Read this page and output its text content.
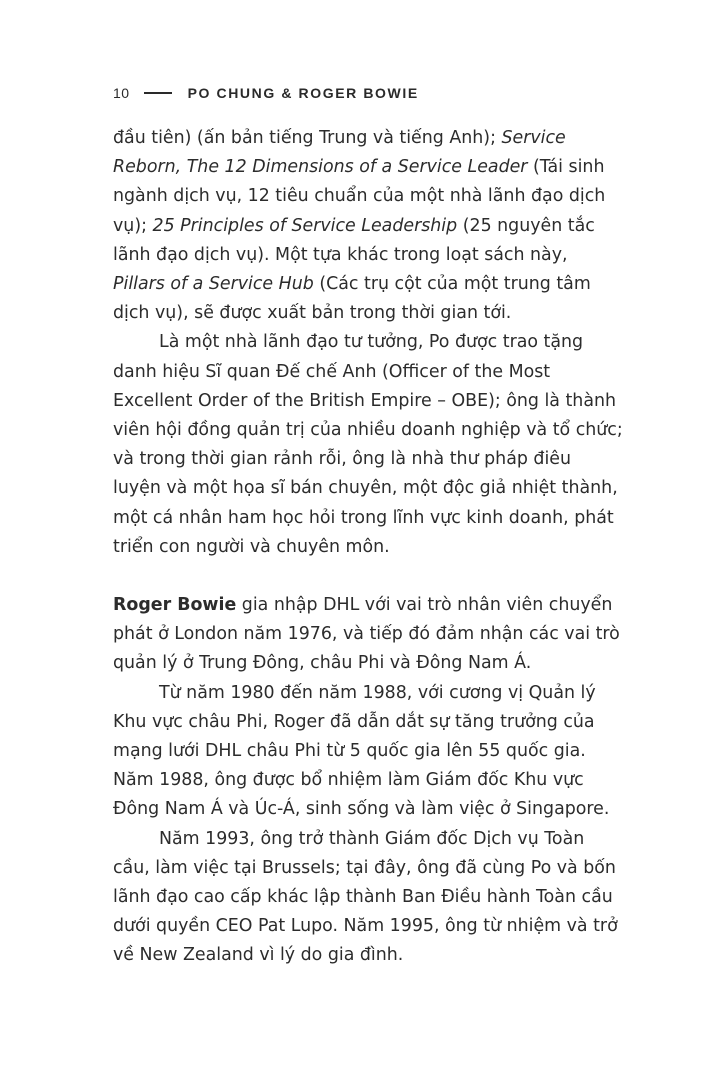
10	PO CHUNG & ROGER BOWIE

đầu tiên) (ấn bản tiếng Trung và tiếng Anh); Service Reborn, The 12 Dimensions of a Service Leader (Tái sinh ngành dịch vụ, 12 tiêu chuẩn của một nhà lãnh đạo dịch vụ); 25 Principles of Service Leadership (25 nguyên tắc lãnh đạo dịch vụ). Một tựa khác trong loạt sách này, Pillars of a Service Hub (Các trụ cột của một trung tâm dịch vụ), sẽ được xuất bản trong thời gian tới.

Là một nhà lãnh đạo tư tưởng, Po được trao tặng danh hiệu Sĩ quan Đế chế Anh (Officer of the Most Excellent Order of the British Empire – OBE); ông là thành viên hội đồng quản trị của nhiều doanh nghiệp và tổ chức; và trong thời gian rảnh rỗi, ông là nhà thư pháp điêu luyện và một họa sĩ bán chuyên, một độc giả nhiệt thành, một cá nhân ham học hỏi trong lĩnh vực kinh doanh, phát triển con người và chuyên môn.

Roger Bowie gia nhập DHL với vai trò nhân viên chuyển phát ở London năm 1976, và tiếp đó đảm nhận các vai trò quản lý ở Trung Đông, châu Phi và Đông Nam Á.

Từ năm 1980 đến năm 1988, với cương vị Quản lý Khu vực châu Phi, Roger đã dẫn dắt sự tăng trưởng của mạng lưới DHL châu Phi từ 5 quốc gia lên 55 quốc gia. Năm 1988, ông được bổ nhiệm làm Giám đốc Khu vực Đông Nam Á và Úc-Á, sinh sống và làm việc ở Singapore.

Năm 1993, ông trở thành Giám đốc Dịch vụ Toàn cầu, làm việc tại Brussels; tại đây, ông đã cùng Po và bốn lãnh đạo cao cấp khác lập thành Ban Điều hành Toàn cầu dưới quyền CEO Pat Lupo. Năm 1995, ông từ nhiệm và trở về New Zealand vì lý do gia đình.
